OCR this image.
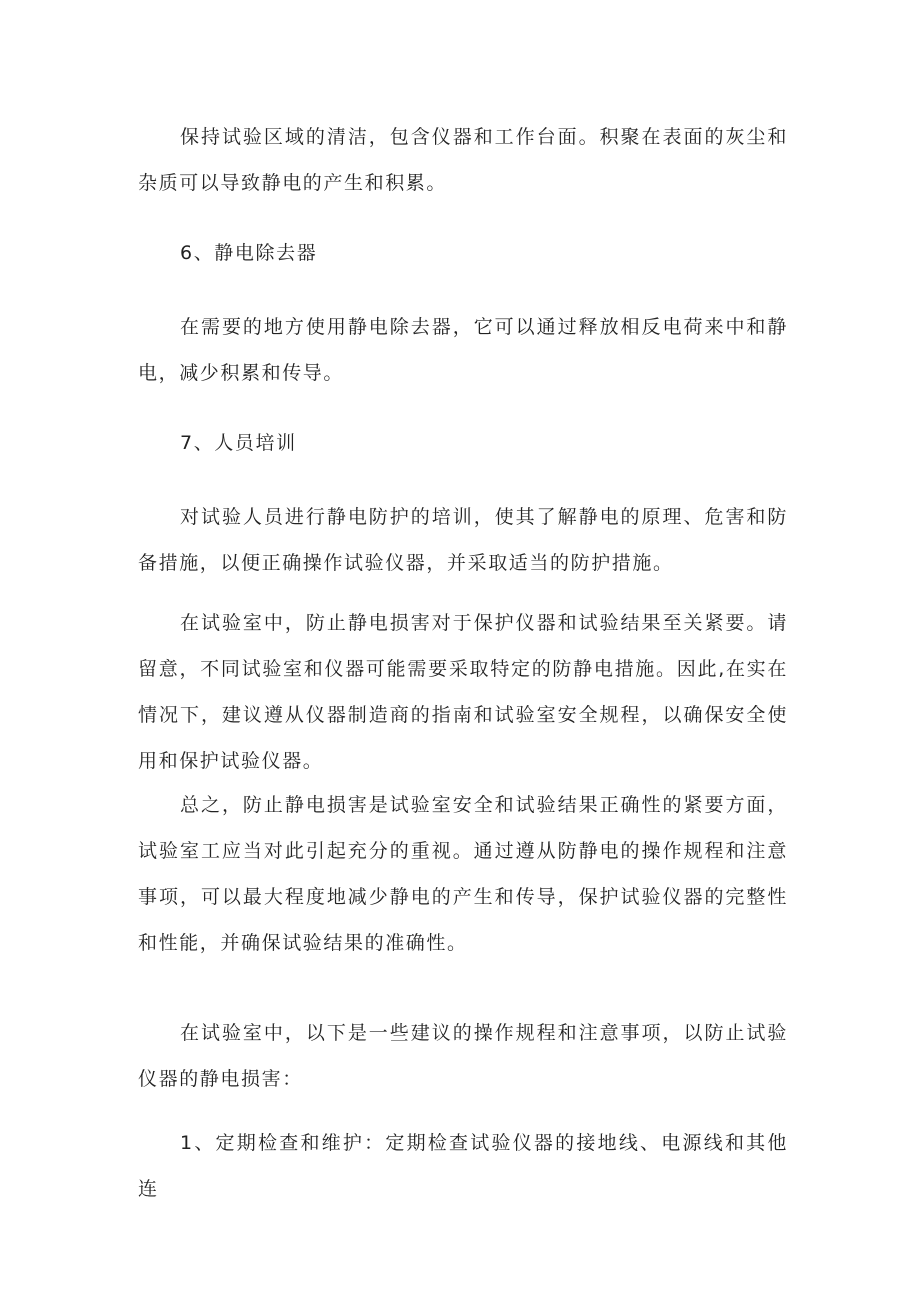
保持试验区域的清洁，包含仪器和工作台面。积聚在表面的灰尘和杂质可以导致静电的产生和积累。

6、静电除去器

在需要的地方使用静电除去器，它可以通过释放相反电荷来中和静电，减少积累和传导。

7、人员培训

对试验人员进行静电防护的培训，使其了解静电的原理、危害和防备措施，以便正确操作试验仪器，并采取适当的防护措施。

在试验室中，防止静电损害对于保护仪器和试验结果至关紧要。请留意，不同试验室和仪器可能需要采取特定的防静电措施。因此,在实在情况下，建议遵从仪器制造商的指南和试验室安全规程，以确保安全使用和保护试验仪器。

总之，防止静电损害是试验室安全和试验结果正确性的紧要方面，试验室工应当对此引起充分的重视。通过遵从防静电的操作规程和注意事项，可以最大程度地减少静电的产生和传导，保护试验仪器的完整性和性能，并确保试验结果的准确性。

在试验室中，以下是一些建议的操作规程和注意事项，以防止试验仪器的静电损害：

1、定期检查和维护：定期检查试验仪器的接地线、电源线和其他连
